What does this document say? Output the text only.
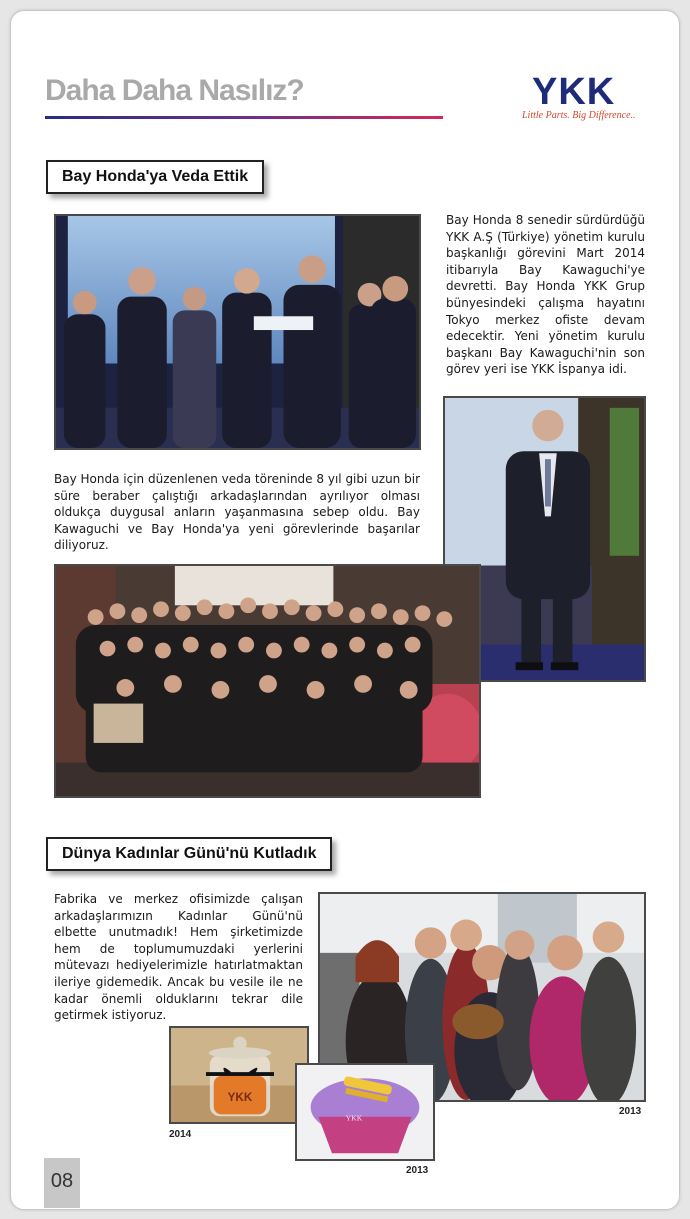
Daha Daha Nasılız?	YKK
Little Parts. Big Difference..
Bay Honda'ya Veda Ettik
Bay Honda 8 senedir sürdürdüğü YKK A.Ş (Türkiye) yönetim kurulu başkanlığı görevini Mart 2014 itibarıyla Bay Kawaguchi'ye devretti. Bay Honda YKK Grup bünyesindeki çalışma hayatını Tokyo merkez ofiste devam edecektir. Yeni yönetim kurulu başkanı Bay Kawaguchi'nin son görev yeri ise YKK İspanya idi.
Bay Honda için düzenlenen veda töreninde 8 yıl gibi uzun bir süre beraber çalıştığı arkadaşlarından ayrılıyor olması oldukça duygusal anların yaşanmasına sebep oldu. Bay Kawaguchi ve Bay Honda'ya yeni görevlerinde başarılar diliyoruz.
Dünya Kadınlar Günü'nü Kutladık
Fabrika ve merkez ofisimizde çalışan arkadaşlarımızın Kadınlar Günü'nü elbette unutmadık! Hem şirketimizde hem de toplumumuzdaki yerlerini mütevazı hediyelerimizle hatırlatmaktan ileriye gidemedik. Ancak bu vesile ile ne kadar önemli olduklarını tekrar dile getirmek istiyoruz.
2013
YKK
2014
YKK
2013
08
